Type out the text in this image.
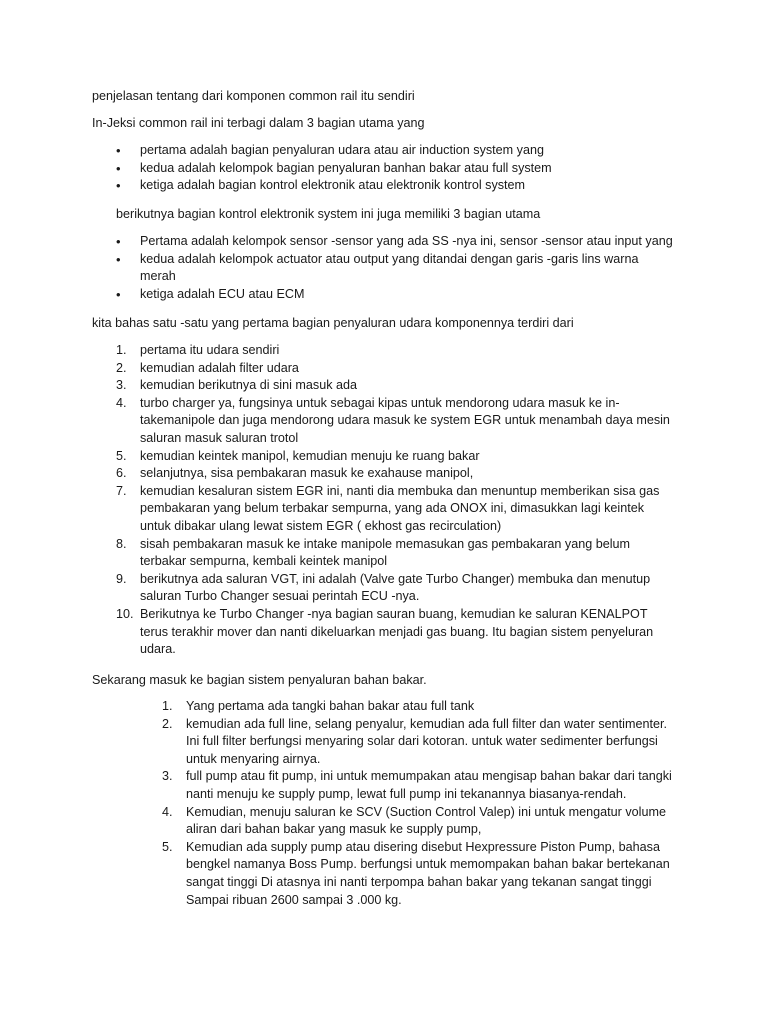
penjelasan tentang dari komponen common rail itu sendiri

In-Jeksi common rail ini terbagi dalam 3 bagian utama yang

• pertama adalah bagian penyaluran udara atau air induction system yang
• kedua adalah kelompok bagian penyaluran banhan bakar atau full system
• ketiga adalah bagian kontrol elektronik atau elektronik kontrol system

berikutnya bagian kontrol elektronik system ini juga memiliki 3 bagian utama

• Pertama adalah kelompok sensor -sensor yang ada SS -nya ini, sensor -sensor atau input yang
• kedua adalah kelompok actuator atau output yang ditandai dengan garis -garis lins warna merah
• ketiga adalah ECU atau ECM

kita bahas satu -satu yang pertama bagian penyaluran udara komponennya terdiri dari

1. pertama itu udara sendiri
2. kemudian adalah filter udara
3. kemudian berikutnya di sini masuk ada
4. turbo charger ya, fungsinya untuk sebagai kipas untuk mendorong udara masuk ke in-takemanipole dan juga mendorong udara masuk ke system EGR untuk menambah daya mesin saluran masuk saluran trotol
5. kemudian keintek manipol, kemudian menuju ke ruang bakar
6. selanjutnya, sisa pembakaran masuk ke exahause manipol,
7. kemudian kesaluran sistem EGR ini, nanti dia membuka dan menuntup memberikan sisa gas pembakaran yang belum terbakar sempurna, yang ada ONOX ini, dimasukkan lagi keintek untuk dibakar ulang lewat sistem EGR ( ekhost gas recirculation)
8. sisah pembakaran masuk ke intake manipole memasukan gas pembakaran yang belum terbakar sempurna, kembali keintek manipol
9. berikutnya ada saluran VGT, ini adalah (Valve gate Turbo Changer) membuka dan menutup saluran Turbo Changer sesuai perintah ECU -nya.
10. Berikutnya ke Turbo Changer -nya bagian sauran buang, kemudian ke saluran KENALPOT terus terakhir mover dan nanti dikeluarkan menjadi gas buang. Itu bagian sistem penyeluran udara.

Sekarang masuk ke bagian sistem penyaluran bahan bakar.

1. Yang pertama ada tangki bahan bakar atau full tank
2. kemudian ada full line, selang penyalur, kemudian ada full filter dan water sentimenter. Ini full filter berfungsi menyaring solar dari kotoran. untuk water sedimenter berfungsi untuk menyaring airnya.
3. full pump atau fit pump, ini untuk memumpakan atau mengisap bahan bakar dari tangki nanti menuju ke supply pump, lewat full pump ini tekanannya biasanya-rendah.
4. Kemudian, menuju saluran ke SCV (Suction Control Valep) ini untuk mengatur volume aliran dari bahan bakar yang masuk ke supply pump,
5. Kemudian ada supply pump atau disering disebut Hexpressure Piston Pump, bahasa bengkel namanya Boss Pump. berfungsi untuk memompakan bahan bakar bertekanan sangat tinggi Di atasnya ini nanti terpompa bahan bakar yang tekanan sangat tinggi Sampai ribuan 2600 sampai 3 .000 kg.
